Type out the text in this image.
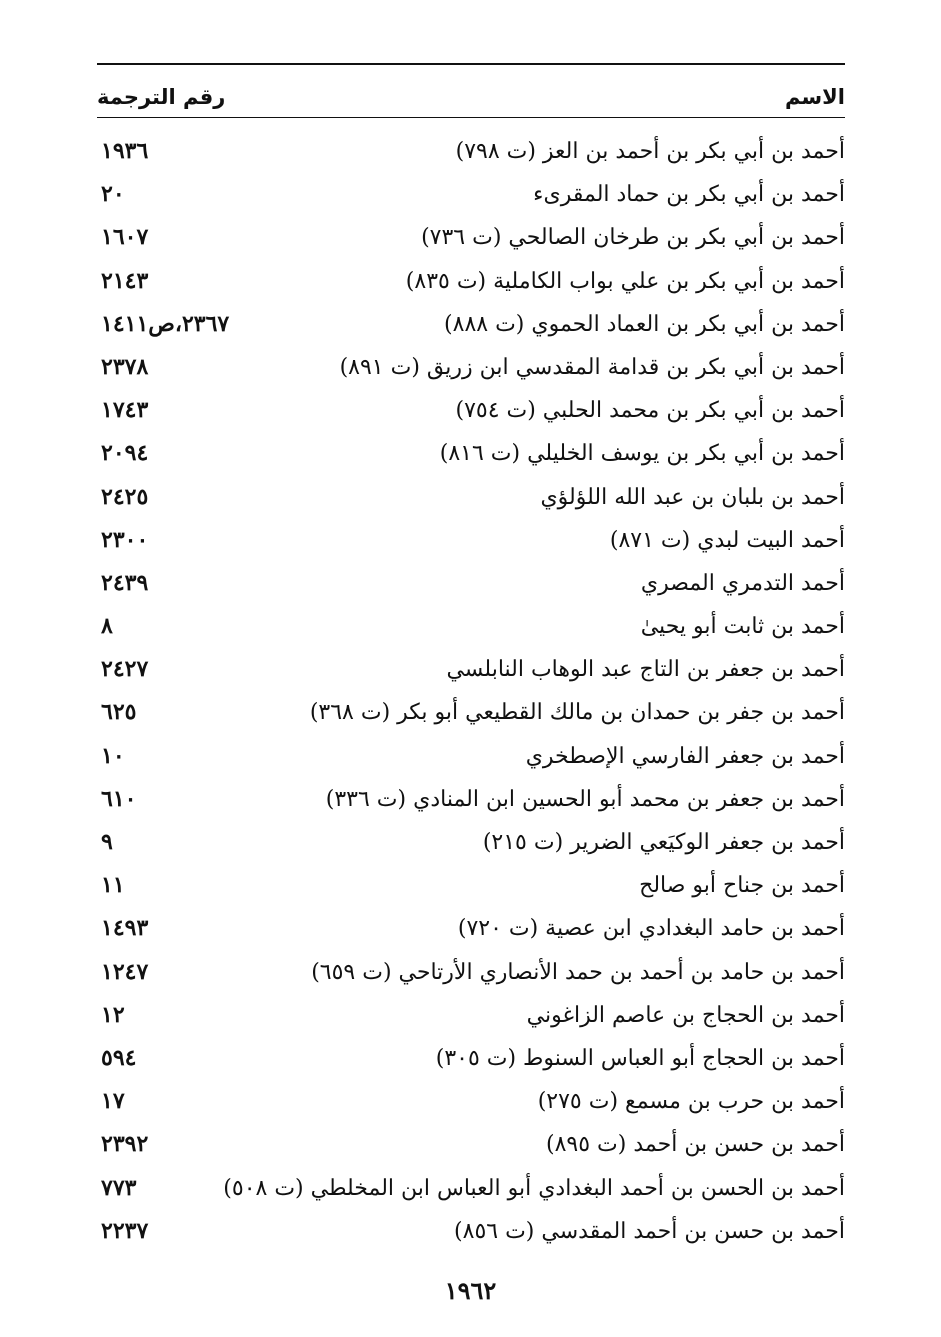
الاسم
رقم الترجمة
أحمد بن أبي بكر بن أحمد بن العز (ت ٧٩٨)
١٩٣٦
أحمد بن أبي بكر بن حماد المقرىء
٢٠
أحمد بن أبي بكر بن طرخان الصالحي (ت ٧٣٦)
١٦٠٧
أحمد بن أبي بكر بن علي بواب الكاملية (ت ٨٣٥)
٢١٤٣
أحمد بن أبي بكر بن العماد الحموي (ت ٨٨٨)
٢٣٦٧،ص١٤١١
أحمد بن أبي بكر بن قدامة المقدسي ابن زريق (ت ٨٩١)
٢٣٧٨
أحمد بن أبي بكر بن محمد الحلبي (ت ٧٥٤)
١٧٤٣
أحمد بن أبي بكر بن يوسف الخليلي (ت ٨١٦)
٢٠٩٤
أحمد بن بلبان بن عبد الله اللؤلؤي
٢٤٢٥
أحمد البيت لبدي (ت ٨٧١)
٢٣٠٠
أحمد التدمري المصري
٢٤٣٩
أحمد بن ثابت أبو يحيىٰ
٨
أحمد بن جعفر بن التاج عبد الوهاب النابلسي
٢٤٢٧
أحمد بن جفر بن حمدان بن مالك القطيعي أبو بكر (ت ٣٦٨)
٦٢٥
أحمد بن جعفر الفارسي الإصطخري
١٠
أحمد بن جعفر بن محمد أبو الحسين ابن المنادي (ت ٣٣٦)
٦١٠
أحمد بن جعفر الوكيَعي الضرير (ت ٢١٥)
٩
أحمد بن جناح أبو صالح
١١
أحمد بن حامد البغدادي ابن عصية (ت ٧٢٠)
١٤٩٣
أحمد بن حامد بن أحمد بن حمد الأنصاري الأرتاحي (ت ٦٥٩)
١٢٤٧
أحمد بن الحجاج بن عاصم الزاغوني
١٢
أحمد بن الحجاج أبو العباس السنوط (ت ٣٠٥)
٥٩٤
أحمد بن حرب بن مسمع (ت ٢٧٥)
١٧
أحمد بن حسن بن أحمد (ت ٨٩٥)
٢٣٩٢
أحمد بن الحسن بن أحمد البغدادي أبو العباس ابن المخلطي (ت ٥٠٨)
٧٧٣
أحمد بن حسن بن أحمد المقدسي (ت ٨٥٦)
٢٢٣٧
١٩٦٢
